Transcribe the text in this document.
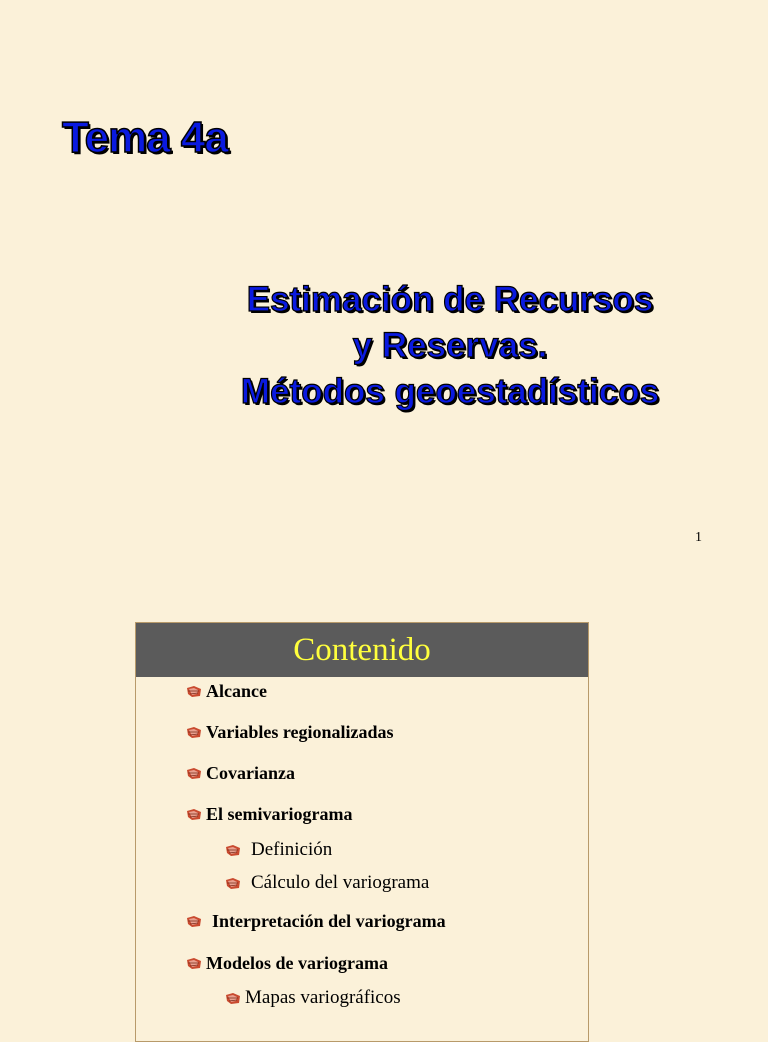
Tema 4a
Estimación de Recursos
y Reservas.
Métodos geoestadísticos
1
Contenido
Alcance
Variables regionalizadas
Covarianza
El semivariograma
Definición
Cálculo del variograma
Interpretación del variograma
Modelos de variograma
Mapas variográficos
